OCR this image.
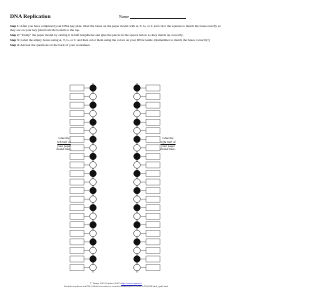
DNA Replication	Name

Step 1: After you have completed your DNA key plan, label the bases on the paper model with A, T, G, or C and color the squares to match the bases exactly as they are on your key plan from the bottom to the top.

Step 2: "Unzip" the paper model by cutting it in half lengthwise and glue the pieces in the spaces below so they match up correctly.

Step 3: Label the empty boxes using A, T, G, or C and then color them using the colors on your DNA Guide. (Remember to match the bases correctly!)

Step 4: Answer the questions on the back of your worksheet.

Glue the
left half of
your paper
model here.
Glue the
right half of
your paper
model here.
T. Trimpe 2003 (Updated 2007) http://sciencespot.net/
Worksheets/pdf.cut.out/DNA-Models/cut-dna-rec.worksheets/dna-rep/DNA-REPL-TM-UM.html_(pdf).html
